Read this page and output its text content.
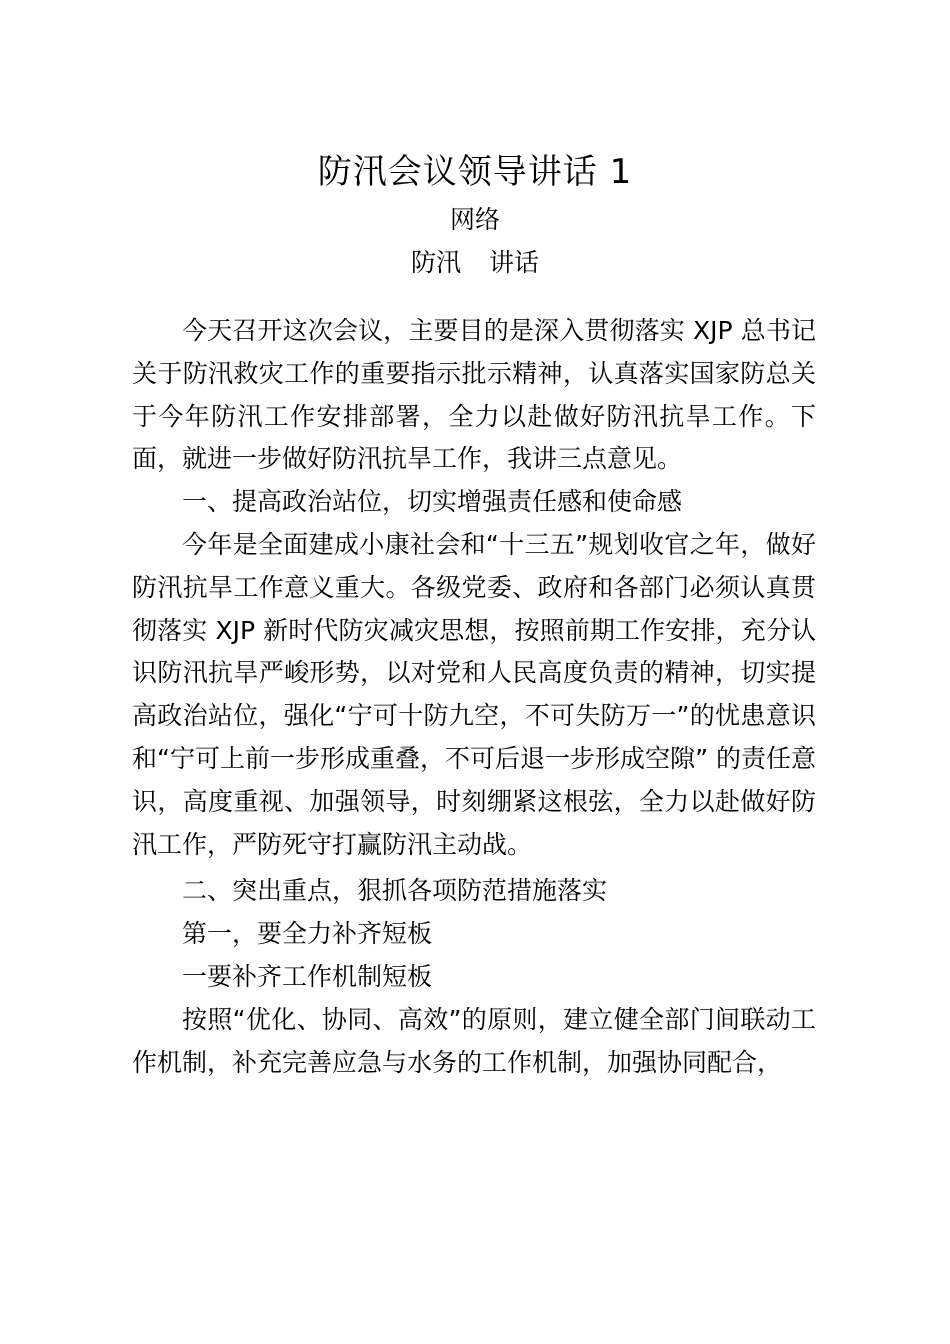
防汛会议领导讲话 1
网络
防汛 讲话

今天召开这次会议，主要目的是深入贯彻落实 XJP 总书记关于防汛救灾工作的重要指示批示精神，认真落实国家防总关于今年防汛工作安排部署，全力以赴做好防汛抗旱工作。下面，就进一步做好防汛抗旱工作，我讲三点意见。

一、提高政治站位，切实增强责任感和使命感

今年是全面建成小康社会和“十三五”规划收官之年，做好防汛抗旱工作意义重大。各级党委、政府和各部门必须认真贯彻落实 XJP 新时代防灾减灾思想，按照前期工作安排，充分认识防汛抗旱严峻形势，以对党和人民高度负责的精神，切实提高政治站位，强化“宁可十防九空，不可失防万一”的忧患意识和“宁可上前一步形成重叠，不可后退一步形成空隙” 的责任意识，高度重视、加强领导，时刻绷紧这根弦，全力以赴做好防汛工作，严防死守打赢防汛主动战。

二、突出重点，狠抓各项防范措施落实

第一，要全力补齐短板

一要补齐工作机制短板

按照“优化、协同、高效”的原则，建立健全部门间联动工作机制，补充完善应急与水务的工作机制，加强协同配合，
